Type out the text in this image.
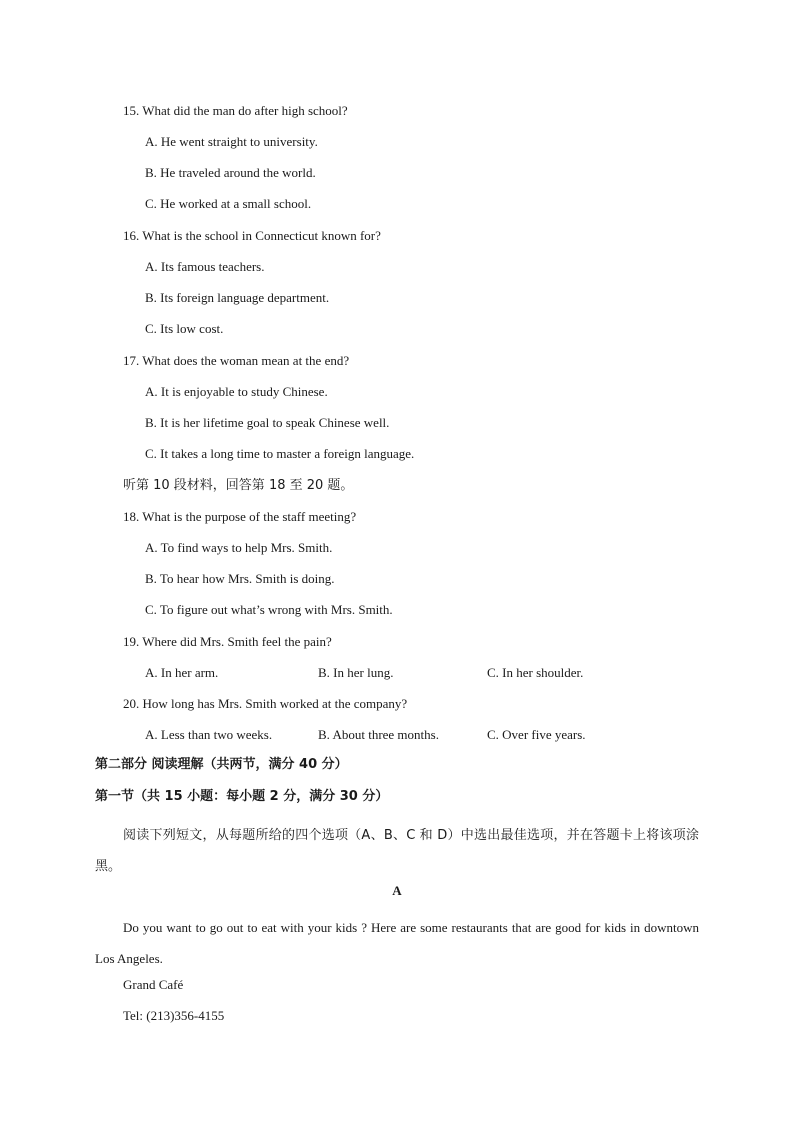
15. What did the man do after high school?
A. He went straight to university.
B. He traveled around the world.
C. He worked at a small school.
16. What is the school in Connecticut known for?
A. Its famous teachers.
B. Its foreign language department.
C. Its low cost.
17. What does the woman mean at the end?
A. It is enjoyable to study Chinese.
B. It is her lifetime goal to speak Chinese well.
C. It takes a long time to master a foreign language.
听第 10 段材料，回答第 18 至 20 题。
18. What is the purpose of the staff meeting?
A. To find ways to help Mrs. Smith.
B. To hear how Mrs. Smith is doing.
C. To figure out what’s wrong with Mrs. Smith.
19. Where did Mrs. Smith feel the pain?
A. In her arm.	B. In her lung.	C. In her shoulder.
20. How long has Mrs. Smith worked at the company?
A. Less than two weeks.	B. About three months.	C. Over five years.
第二部分 阅读理解（共两节，满分 40 分）
第一节（共 15 小题：每小题 2 分，满分 30 分）
阅读下列短文，从每题所给的四个选项（A、B、C 和 D）中选出最佳选项，并在答题卡上将该项涂黑。
A
Do you want to go out to eat with your kids ? Here are some restaurants that are good for kids in downtown Los Angeles.
Grand Café
Tel: (213)356-4155
